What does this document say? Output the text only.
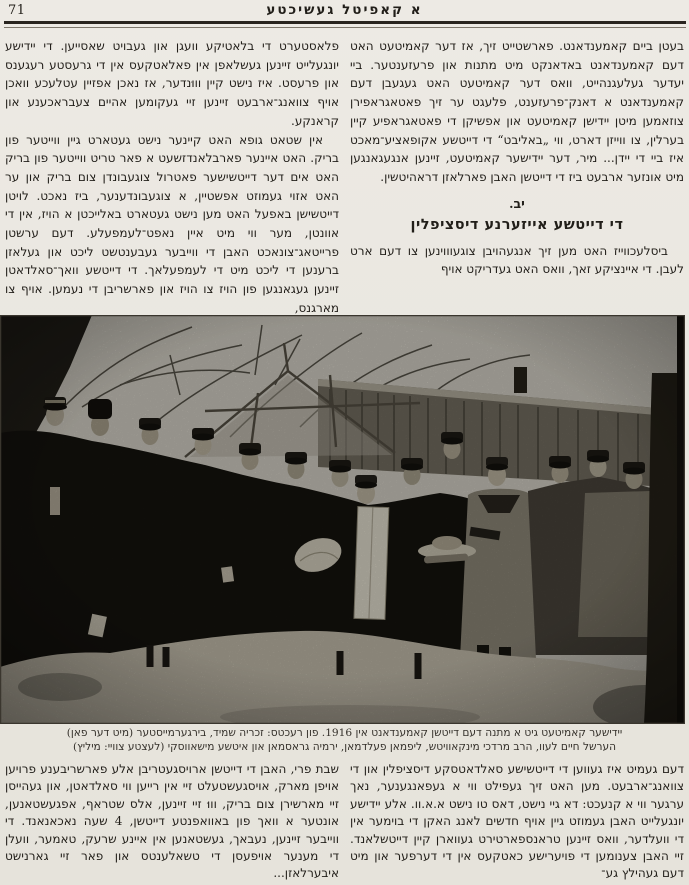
71	א קאפיטל געשיכטע

בעטן ביים קאמענדאנט. פארשטייט זיך, אז דער קאמיטעט האט דעם קאמענדאנט באדאנקט מיט מתנות און פרעזענטער. ביי יעדער געלעגנהייט, וואס דער קאמיטעט האט געגעבן דעם קאמענדאנט א דאנק־פרעזענט, פלעגט ער זיך פאטאגראפירן צוזאמען מיטן יידישן קאמיטעט און אפשיקן די פאטאגראפיע קיין בערלין, צו ווייזן דארט, ווי „באליבט“ די דייטשע אקופאציע־מאכט איז ביי די יידן... מיר, דער יידישער קאמיטעט, זיינען אנגעגאנגען מיט אונזער ארבעט ביז די דייטשן האבן פארלאזן דראהיטשין.

יב.
די דייטשע אייזערנע דיסציפלין

ביסלעכווייז האט מען זיך אנגעהויבן צוגעוווינען צו דעם ארט לעבן. די איינציקע זאך, וואס האט געדריקט אויף

פלאסטערט די בלאטיקע וועגן און געבויט שאסייען. די יידישע יונגעלייט זיינען געשלאפן אין פאלאטקעס אין די גרעסטע רעגענס און פרעסט. איז נישט קיין וווּנדער, אז נאכן אפזיין עטלעכע וואכן אויף צוואנג־ארבעט זיינען זיי געקומען אהיים צעבראכענע און קראנקע.

אין שטאט גופא האט קיינער נישט געטארט גיין ווייטער פון בריק. האט איינער פארבלאנדזשעט א פאר טריט ווייטער פון בריק האט אים דער דייטשישער פאטרול צוגעבונדן צום בריק און ער האט אזוי געמוזט אפשטיין, א צוגעבונדענער, ביז נאכט. לויטן דייטשישן באפעל האט מען נישט געטארט באלייכטן א הויז, אין די אוונטן, מער ווי מיט איין נאפט־לעמפעלע. דעם ערשטן פרייטאג־צונאכט האבן די ווייבער געבענטשט ליכט און געלאזן ברענען די ליכט מיט די לעמפעלאך. די דייטשע וואך־סאלדאטן זיינען געגאנגען פון הויז צו הויז און פארשריבן די נעמען. אויף צו מארגנס,

יידישער קאמיטעט גיט א מתנה דעם דייטשן קאמענדאנט אין 1916. פון רעכטס: זכריה שמיד, בירגערמייסטער (מיט דער פאן)
הערשל חיים לעוו, הרב מרדכי מינקאוויטש, ליפמאן פעלדמאן, ירמיה גראסמאן און איטשע מישאווסקי (לעצטע צוויי: מיליץ)

דעם געמיט איז געווען די דייטשישע סאלדאטסקע דיסציפלין און די צוואנג־ארבעט. מען האט זיך געפילט ווי א געפאנגענער, נאך ערגער ווי א קנעכט: דא גיי נישט, דאס טו נישט א.א.וו. אלע יידישע יונגעלייט האבן געמוזט גיין אויף חדשים לאנג האקן די בוימער אין די וועלדער, וואס זיינען טראנספארטירט געווארן קיין דייטשלאנד. זיי האבן צענומען די פויערישע כאטקעס אין די דערפער און מיט דעם געהילץ גע־

שבת פרי, האבן די דייטשן ארויסגעטריבן אלע פארשריבענע פרויען אויפן מארק, אויסגעשטעלט זיי אין רייען ווי סאלדאטן, און געהייסן זיי מארשירן צום בריק, וווּ זיי זיינען, אלס שטראף, אפגעשטאנען, אונטער א וואך פון באוואפנטע דייטשן, 4 שעה נאכאנאנד. די ווייבער זיינען, נעבאך, געשטאנען אין איינע שרעק, טאמער, וועלן די מענער אויפעסן די טשאלענטס און פאר זיי גארנישט איבערלאזן...
